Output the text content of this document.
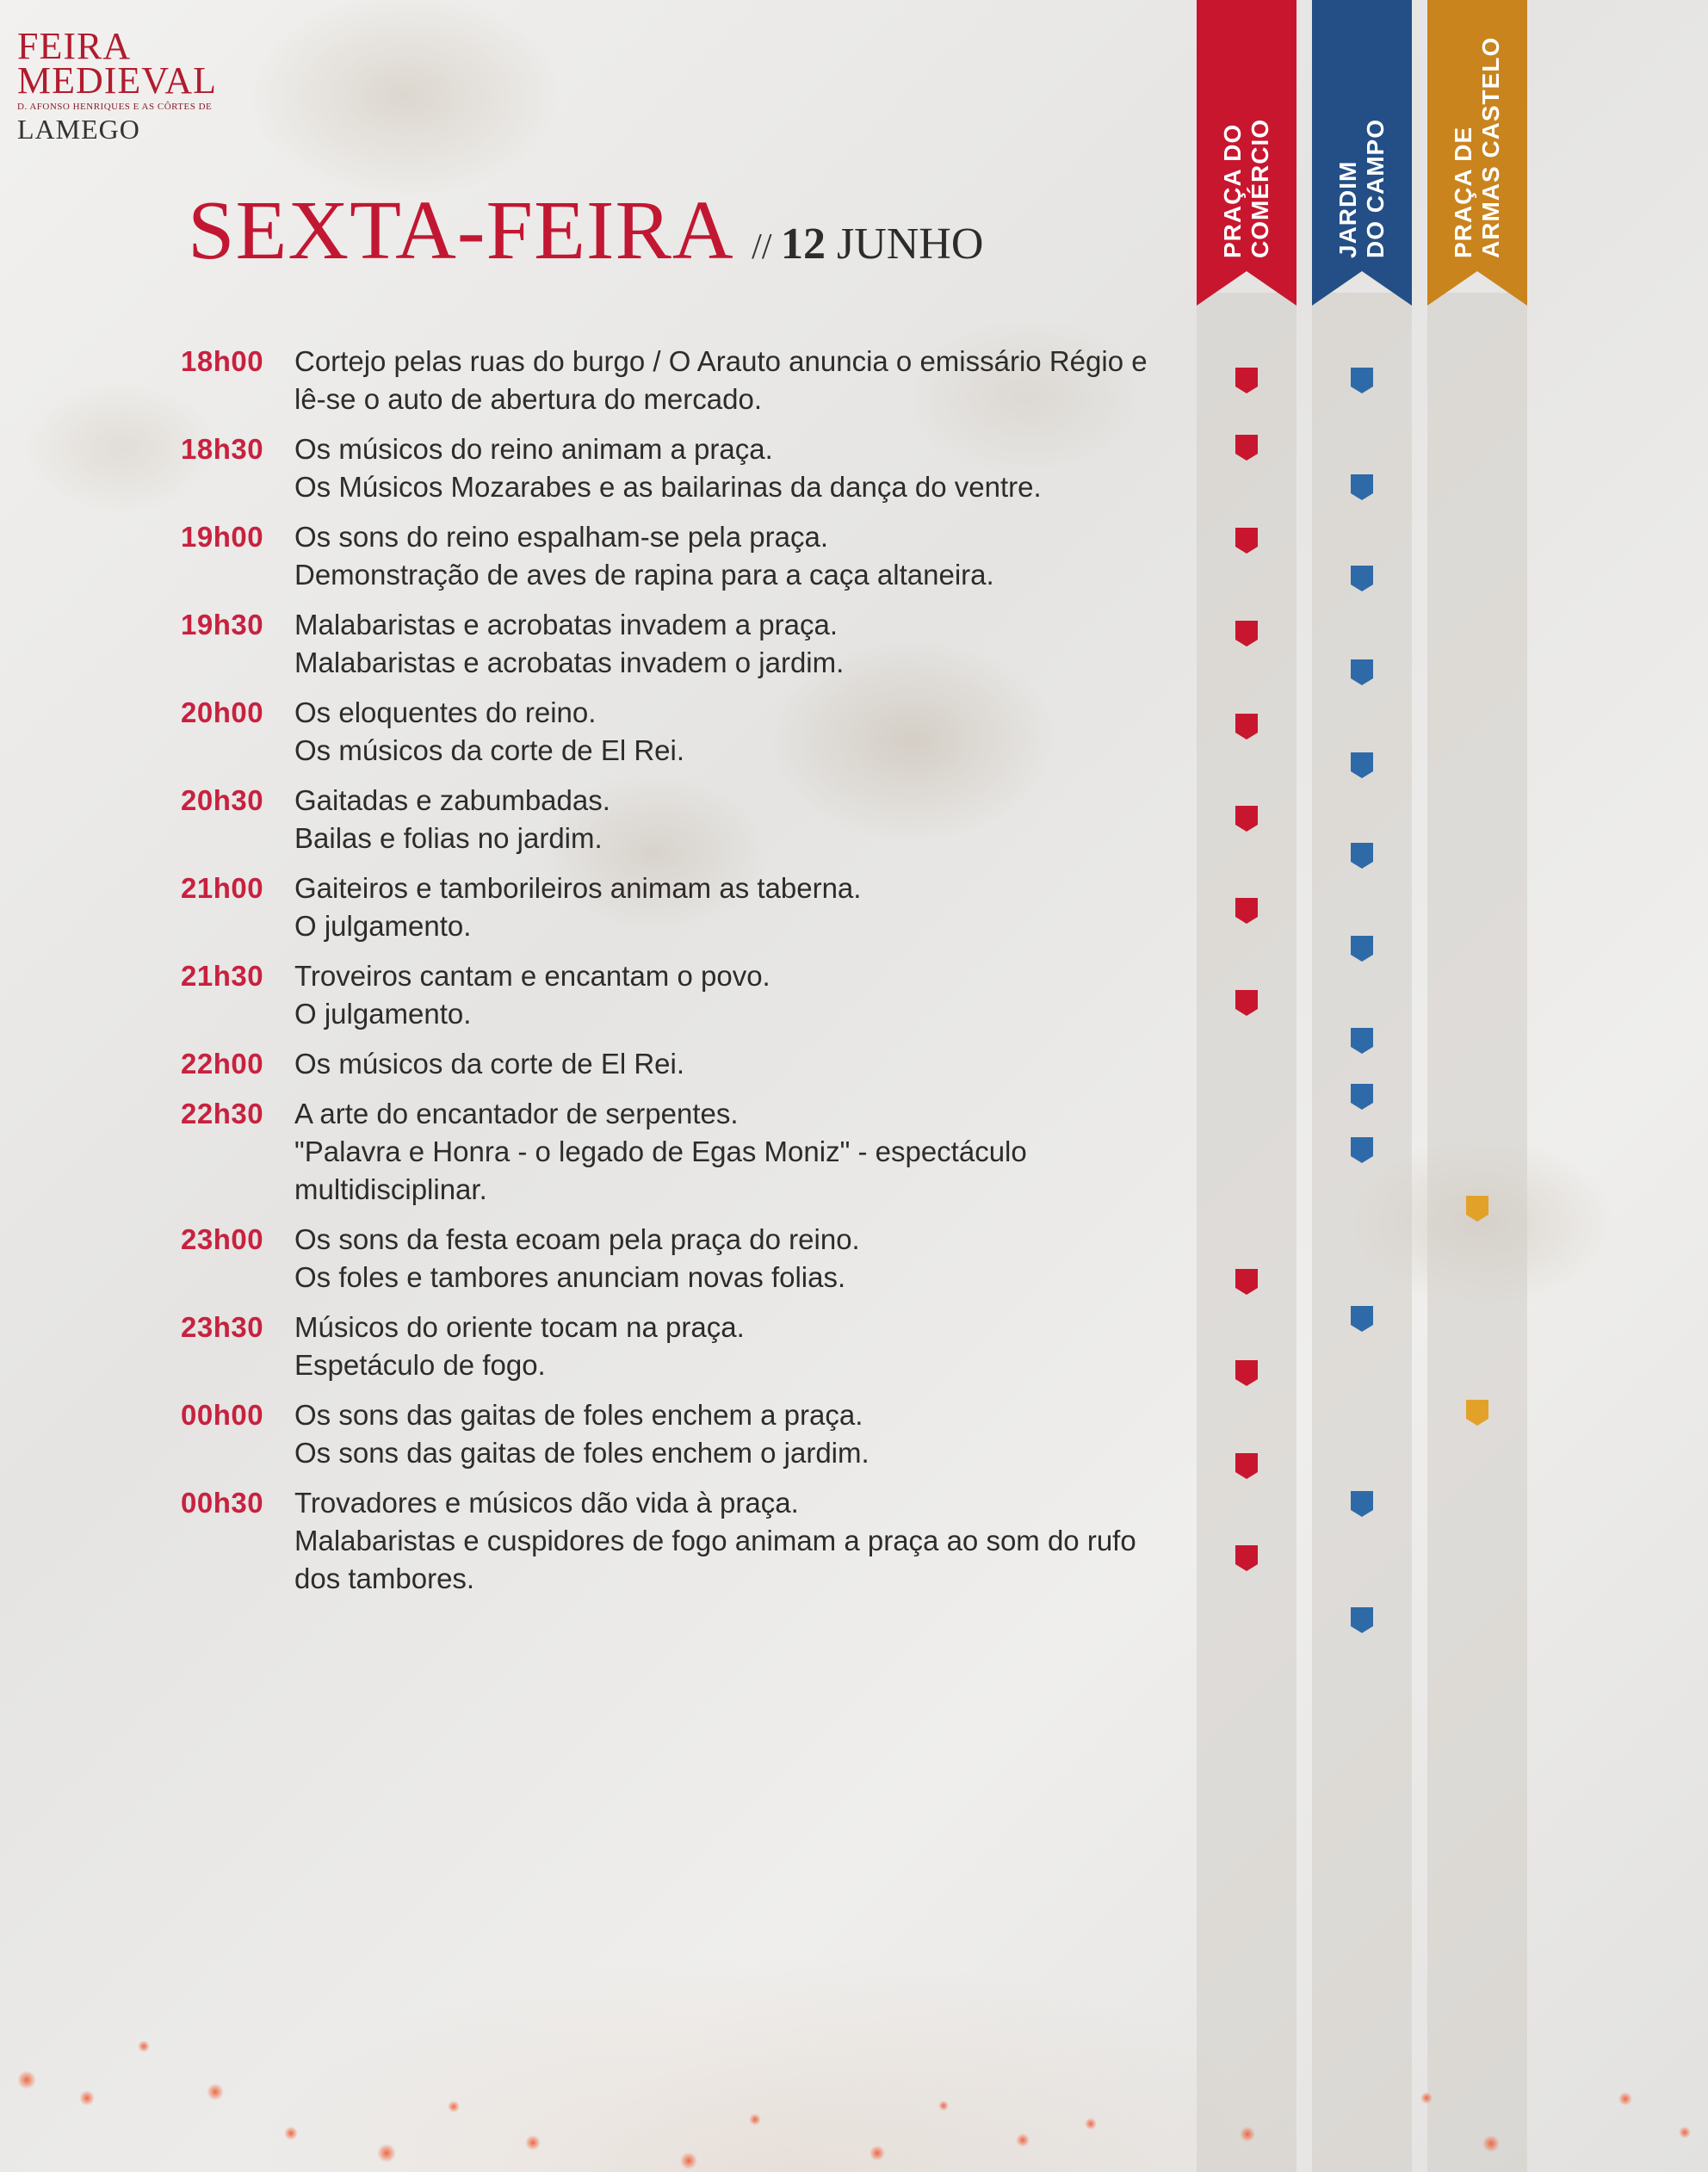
FEIRA
MEDIEVAL
D. AFONSO HENRIQUES E AS CÔRTES DE
LAMEGO
SEXTA-FEIRA // 12 JUNHO	PRAÇA DO COMÉRCIO	JARDIM DO CAMPO	PRAÇA DE ARMAS CASTELO
18h00	Cortejo pelas ruas do burgo / O Arauto anuncia o emissário Régio e
lê-se o auto de abertura do mercado.
18h30	Os músicos do reino animam a praça.
Os Músicos Mozarabes e as bailarinas da dança do ventre.
19h00	Os sons do reino espalham-se pela praça.
Demonstração de aves de rapina para a caça altaneira.
19h30	Malabaristas e acrobatas invadem a praça.
Malabaristas e acrobatas invadem o jardim.
20h00	Os eloquentes do reino.
Os músicos da corte de El Rei.
20h30	Gaitadas e zabumbadas.
Bailas e folias no jardim.
21h00	Gaiteiros e tamborileiros animam as taberna.
O julgamento.
21h30	Troveiros cantam e encantam o povo.
O julgamento.
22h00	Os músicos da corte de El Rei.
22h30	A arte do encantador de serpentes.
"Palavra e Honra - o legado de Egas Moniz" - espectáculo
multidisciplinar.
23h00	Os sons da festa ecoam pela praça do reino.
Os foles e tambores anunciam novas folias.
23h30	Músicos do oriente tocam na praça.
Espetáculo de fogo.
00h00	Os sons das gaitas de foles enchem a praça.
Os sons das gaitas de foles enchem o jardim.
00h30	Trovadores e músicos dão vida à praça.
Malabaristas e cuspidores de fogo animam a praça ao som do rufo
dos tambores.
